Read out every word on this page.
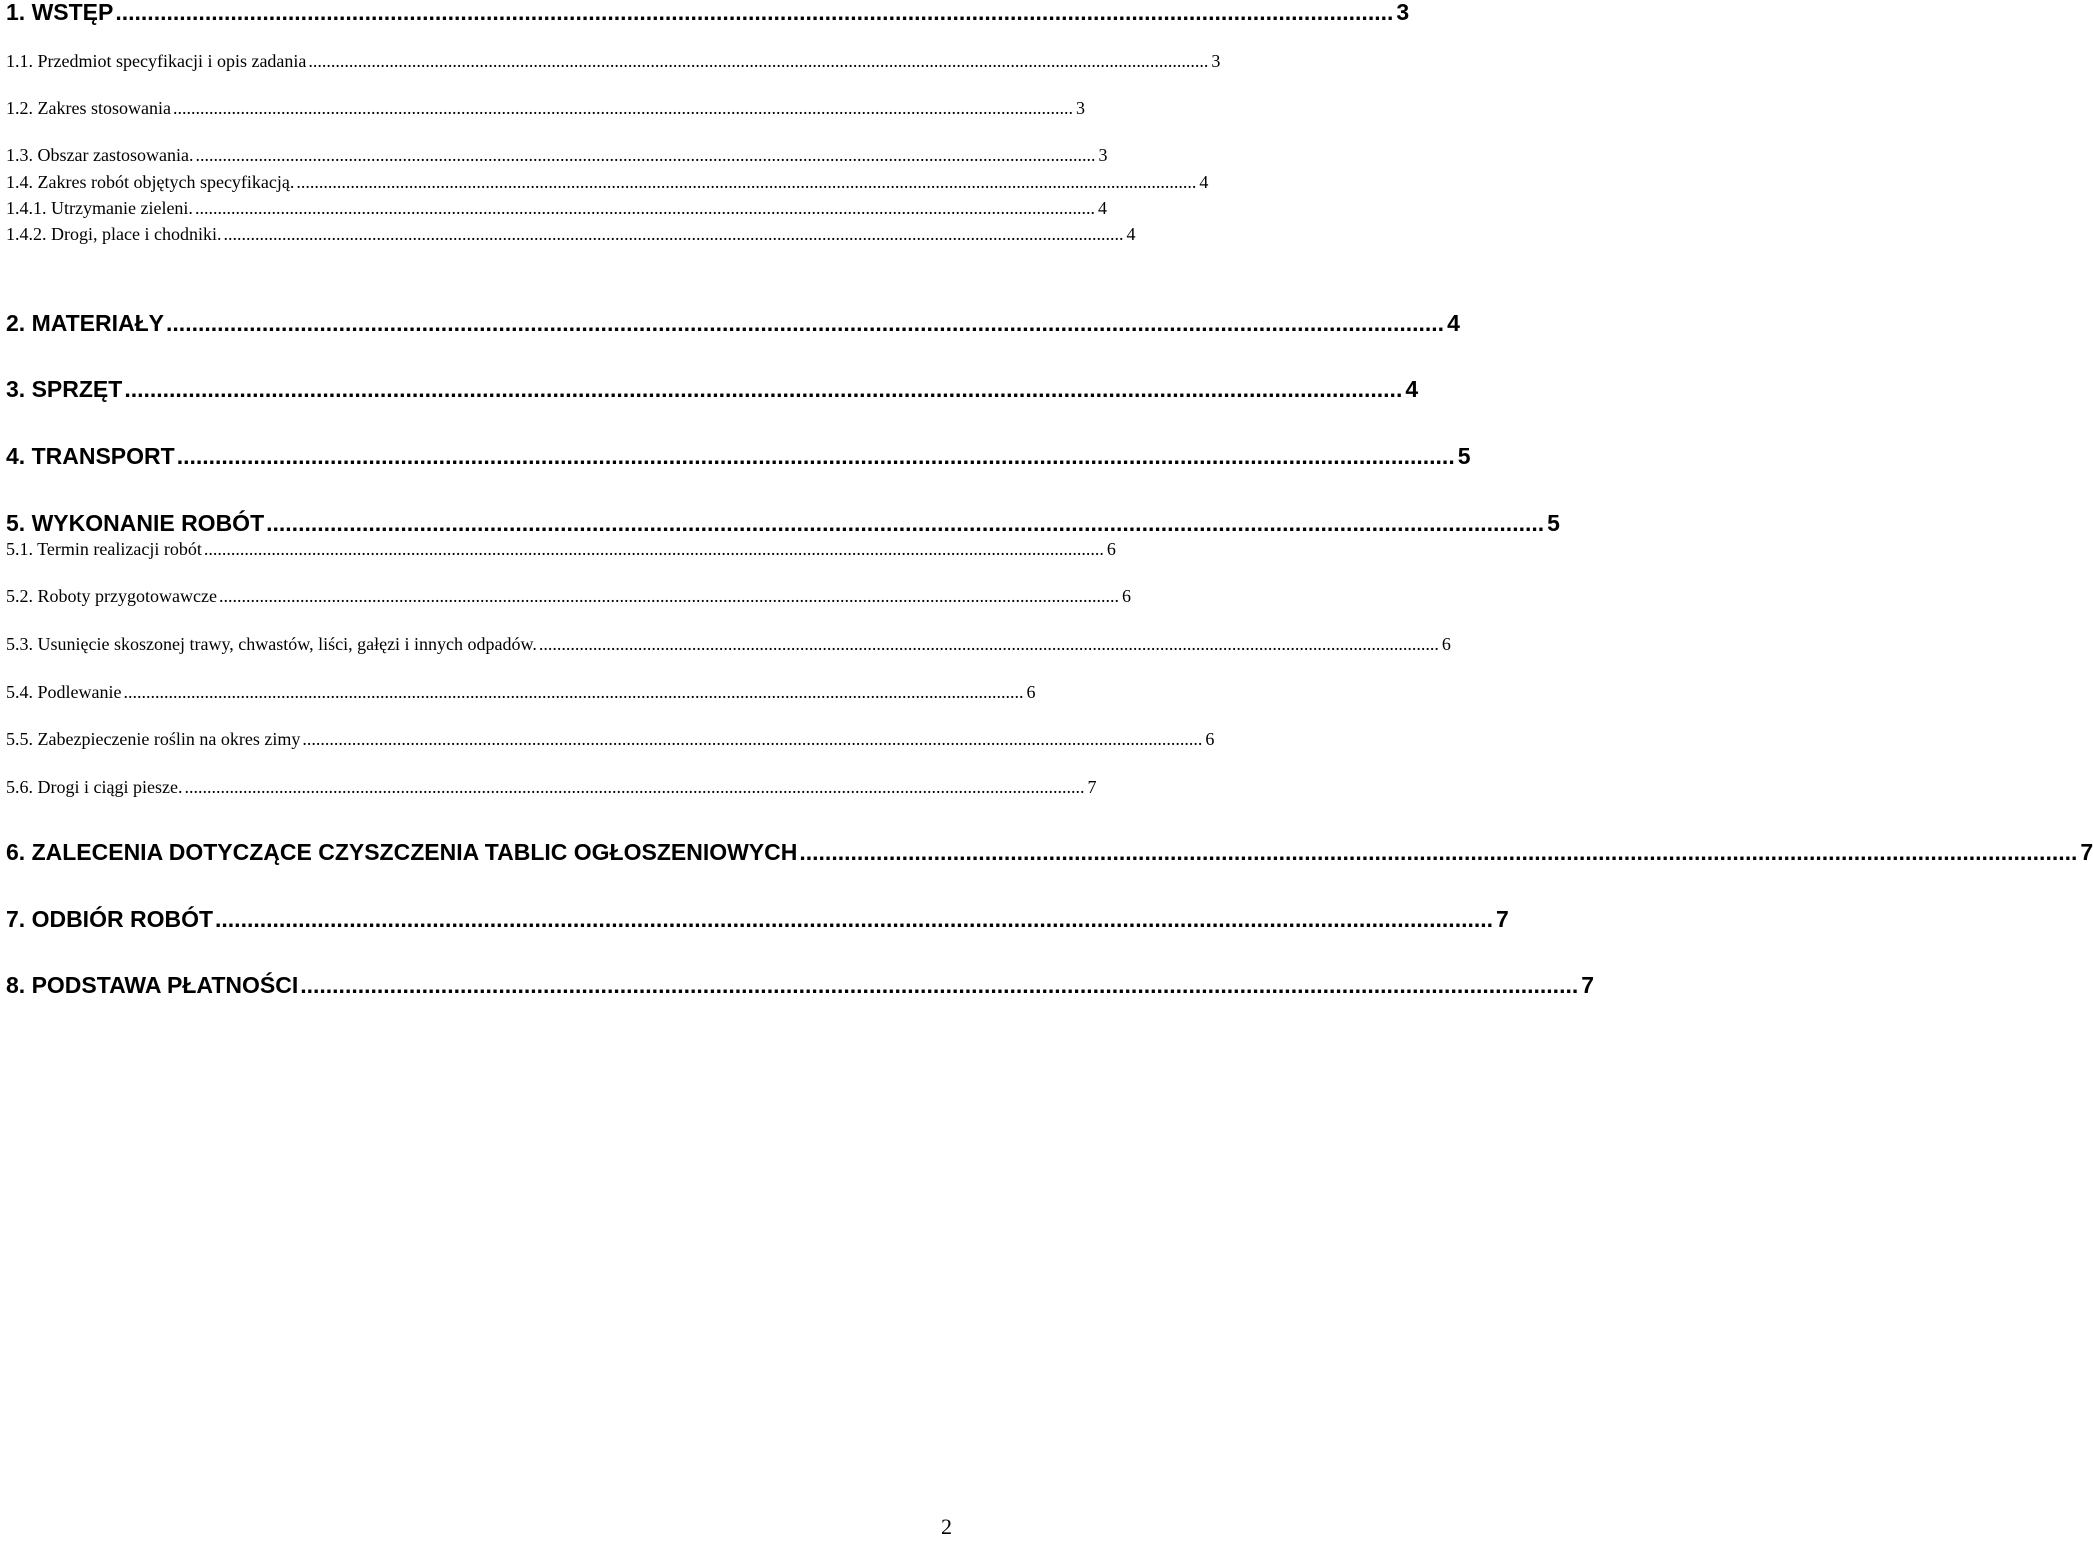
1. WSTĘP ........................................................................................................................................................................................................ 3
1.1. Przedmiot specyfikacji i opis zadania ........................................................................................................................................................................................................ 3
1.2. Zakres stosowania ........................................................................................................................................................................................................ 3
1.3. Obszar zastosowania. ........................................................................................................................................................................................................ 3
1.4. Zakres robót objętych specyfikacją. ........................................................................................................................................................................................................ 4
1.4.1. Utrzymanie zieleni. ........................................................................................................................................................................................................ 4
1.4.2. Drogi, place i chodniki. ........................................................................................................................................................................................................ 4
2. MATERIAŁY ........................................................................................................................................................................................................ 4
3. SPRZĘT ........................................................................................................................................................................................................ 4
4. TRANSPORT ........................................................................................................................................................................................................ 5
5. WYKONANIE ROBÓT ........................................................................................................................................................................................................ 5
5.1. Termin realizacji robót ........................................................................................................................................................................................................ 6
5.2. Roboty przygotowawcze ........................................................................................................................................................................................................ 6
5.3. Usunięcie skoszonej trawy, chwastów, liści, gałęzi i innych odpadów. ........................................................................................................................................................................................................ 6
5.4. Podlewanie ........................................................................................................................................................................................................ 6
5.5. Zabezpieczenie roślin na okres zimy ........................................................................................................................................................................................................ 6
5.6. Drogi i ciągi piesze. ........................................................................................................................................................................................................ 7
6. ZALECENIA DOTYCZĄCE CZYSZCZENIA TABLIC OGŁOSZENIOWYCH ........................................................................................................................................................................................................ 7
7. ODBIÓR ROBÓT ........................................................................................................................................................................................................ 7
8. PODSTAWA PŁATNOŚCI ........................................................................................................................................................................................................ 7
2
